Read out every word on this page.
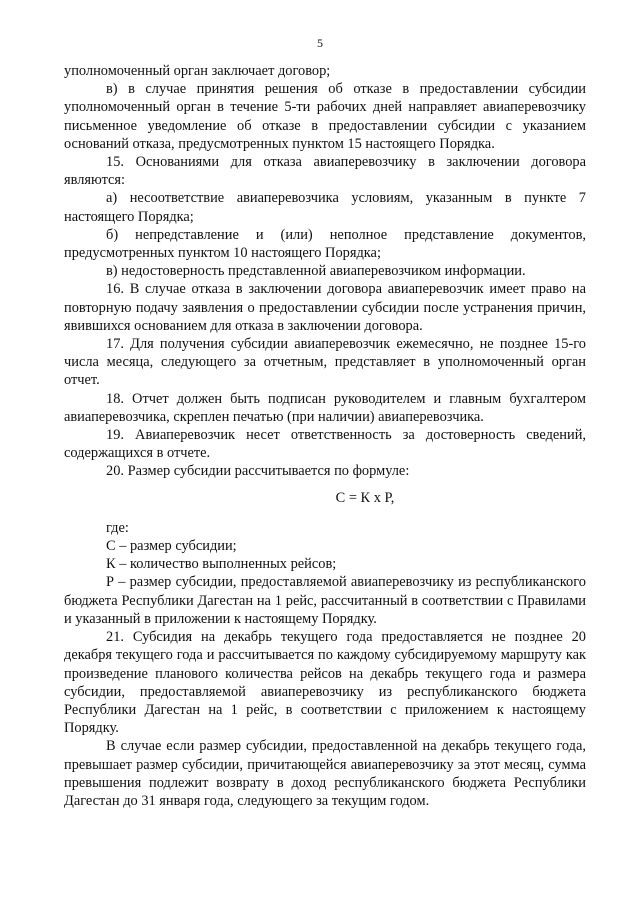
5

уполномоченный орган заключает договор;

в) в случае принятия решения об отказе в предоставлении субсидии уполномоченный орган в течение 5-ти рабочих дней направляет авиаперевозчику письменное уведомление об отказе в предоставлении субсидии с указанием оснований отказа, предусмотренных пунктом 15 настоящего Порядка.

15. Основаниями для отказа авиаперевозчику в заключении договора являются:

а) несоответствие авиаперевозчика условиям, указанным в пункте 7 настоящего Порядка;

б) непредставление и (или) неполное представление документов, предусмотренных пунктом 10 настоящего Порядка;

в) недостоверность представленной авиаперевозчиком информации.

16. В случае отказа в заключении договора авиаперевозчик имеет право на повторную подачу заявления о предоставлении субсидии после устранения причин, явившихся основанием для отказа в заключении договора.

17. Для получения субсидии авиаперевозчик ежемесячно, не позднее 15-го числа месяца, следующего за отчетным, представляет в уполномоченный орган отчет.

18. Отчет должен быть подписан руководителем и главным бухгалтером авиаперевозчика, скреплен печатью (при наличии) авиаперевозчика.

19. Авиаперевозчик несет ответственность за достоверность сведений, содержащихся в отчете.

20. Размер субсидии рассчитывается по формуле:

С = К х Р,

где:

С – размер субсидии;

К – количество выполненных рейсов;

Р – размер субсидии, предоставляемой авиаперевозчику из республиканского бюджета Республики Дагестан на 1 рейс, рассчитанный в соответствии с Правилами и указанный в приложении к настоящему Порядку.

21. Субсидия на декабрь текущего года предоставляется не позднее 20 декабря текущего года и рассчитывается по каждому субсидируемому маршруту как произведение планового количества рейсов на декабрь текущего года и размера субсидии, предоставляемой авиаперевозчику из республиканского бюджета Республики Дагестан на 1 рейс, в соответствии с приложением к настоящему Порядку.

В случае если размер субсидии, предоставленной на декабрь текущего года, превышает размер субсидии, причитающейся авиаперевозчику за этот месяц, сумма превышения подлежит возврату в доход республиканского бюджета Республики Дагестан до 31 января года, следующего за текущим годом.
